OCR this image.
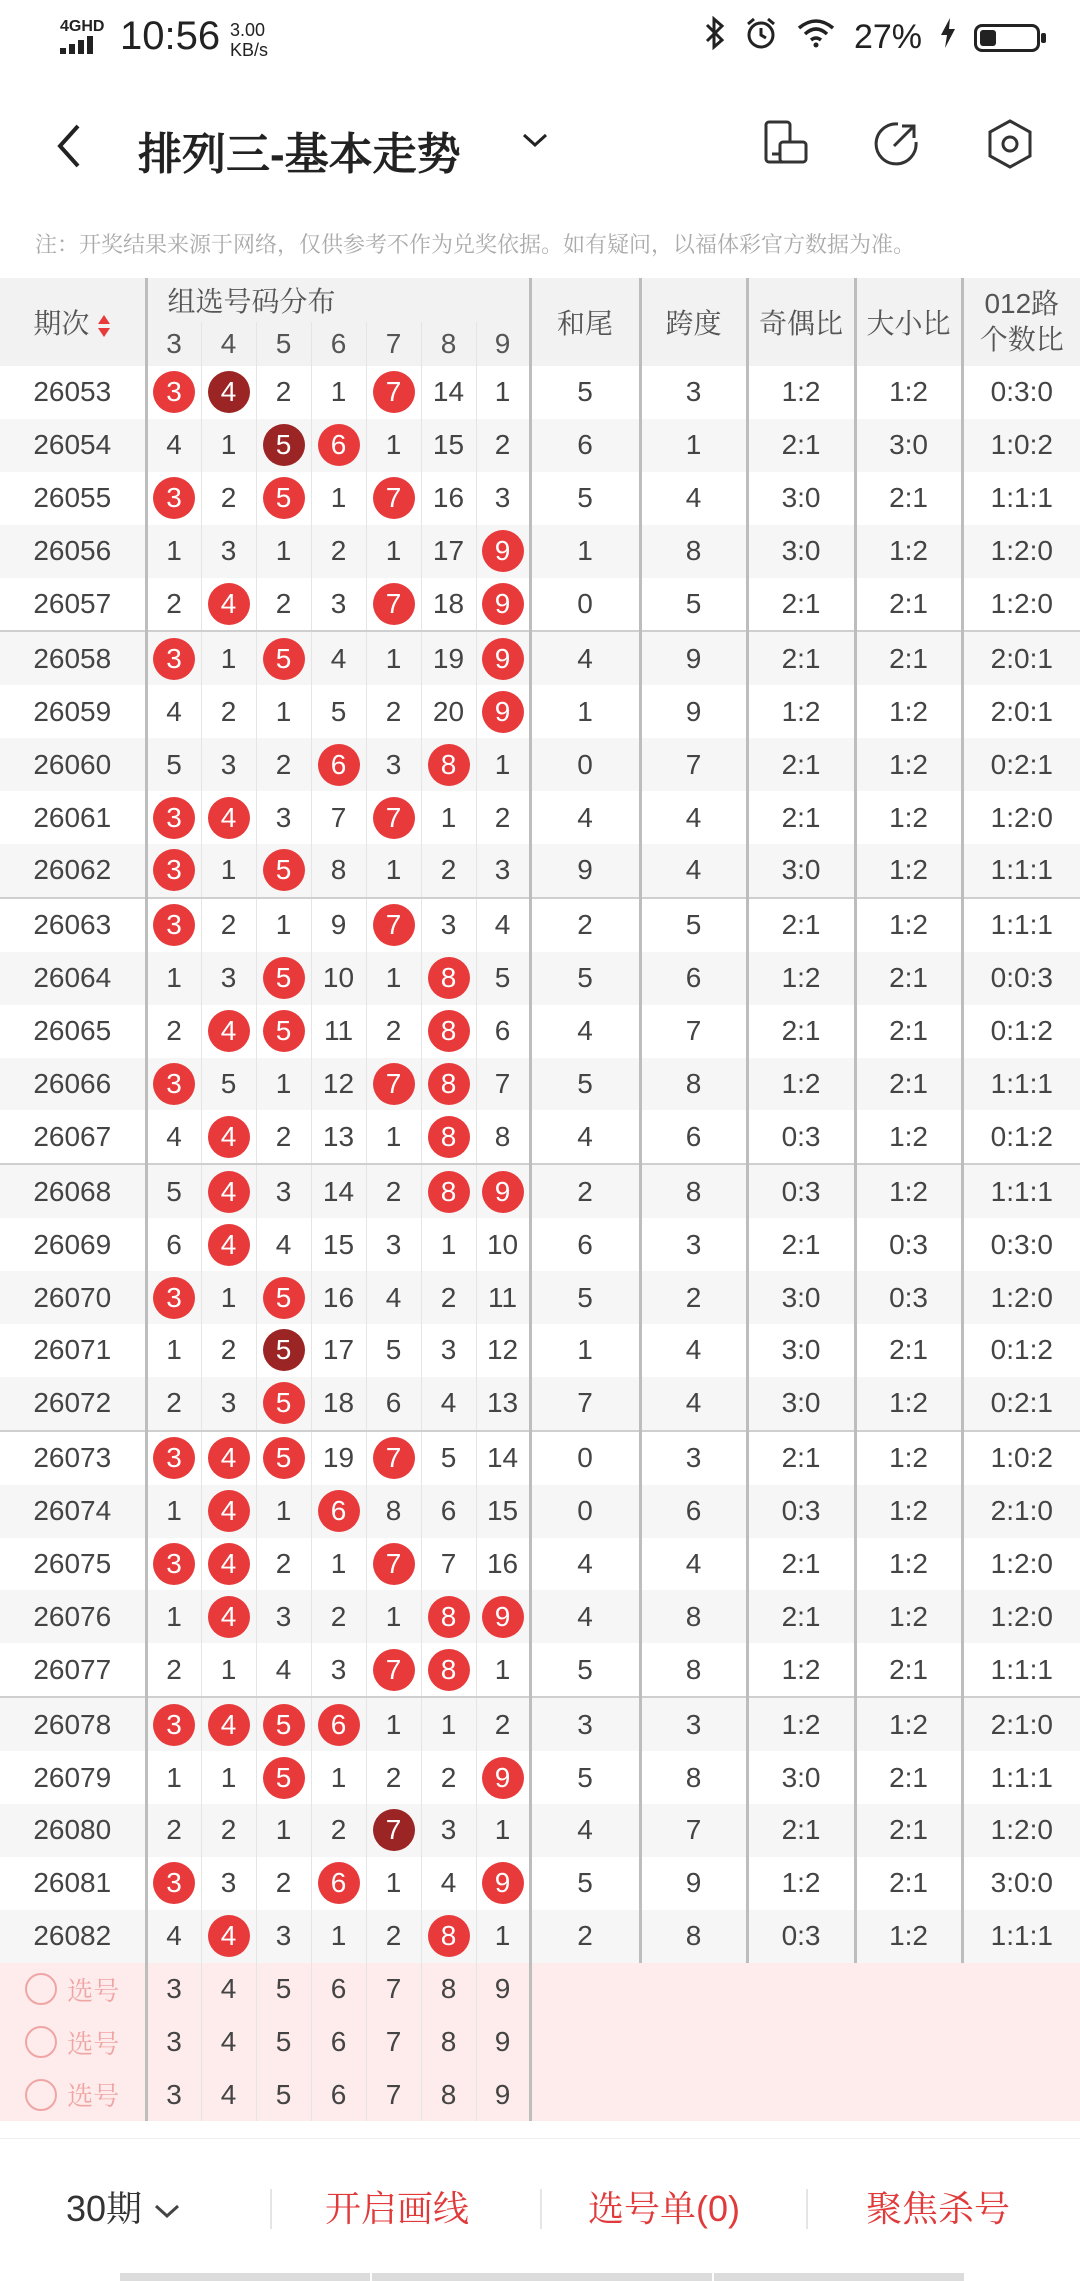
4GHD 10:56 3.00
KB/s	27%
排列三-基本走势
注：开奖结果来源于网络，仅供参考不作为兑奖依据。如有疑问，以福体彩官方数据为准。
期次	组选号码分布							和尾	跨度	奇偶比	大小比	012路
个数比
	3	4	5	6	7	8	9					
26053	3	4	2	1	7	14	1	5	3	1:2	1:2	0:3:0
26054	4	1	5	6	1	15	2	6	1	2:1	3:0	1:0:2
26055	3	2	5	1	7	16	3	5	4	3:0	2:1	1:1:1
26056	1	3	1	2	1	17	9	1	8	3:0	1:2	1:2:0
26057	2	4	2	3	7	18	9	0	5	2:1	2:1	1:2:0
26058	3	1	5	4	1	19	9	4	9	2:1	2:1	2:0:1
26059	4	2	1	5	2	20	9	1	9	1:2	1:2	2:0:1
26060	5	3	2	6	3	8	1	0	7	2:1	1:2	0:2:1
26061	3	4	3	7	7	1	2	4	4	2:1	1:2	1:2:0
26062	3	1	5	8	1	2	3	9	4	3:0	1:2	1:1:1
26063	3	2	1	9	7	3	4	2	5	2:1	1:2	1:1:1
26064	1	3	5	10	1	8	5	5	6	1:2	2:1	0:0:3
26065	2	4	5	11	2	8	6	4	7	2:1	2:1	0:1:2
26066	3	5	1	12	7	8	7	5	8	1:2	2:1	1:1:1
26067	4	4	2	13	1	8	8	4	6	0:3	1:2	0:1:2
26068	5	4	3	14	2	8	9	2	8	0:3	1:2	1:1:1
26069	6	4	4	15	3	1	10	6	3	2:1	0:3	0:3:0
26070	3	1	5	16	4	2	11	5	2	3:0	0:3	1:2:0
26071	1	2	5	17	5	3	12	1	4	3:0	2:1	0:1:2
26072	2	3	5	18	6	4	13	7	4	3:0	1:2	0:2:1
26073	3	4	5	19	7	5	14	0	3	2:1	1:2	1:0:2
26074	1	4	1	6	8	6	15	0	6	0:3	1:2	2:1:0
26075	3	4	2	1	7	7	16	4	4	2:1	1:2	1:2:0
26076	1	4	3	2	1	8	9	4	8	2:1	1:2	1:2:0
26077	2	1	4	3	7	8	1	5	8	1:2	2:1	1:1:1
26078	3	4	5	6	1	1	2	3	3	1:2	1:2	2:1:0
26079	1	1	5	1	2	2	9	5	8	3:0	2:1	1:1:1
26080	2	2	1	2	7	3	1	4	7	2:1	2:1	1:2:0
26081	3	3	2	6	1	4	9	5	9	1:2	2:1	3:0:0
26082	4	4	3	1	2	8	1	2	8	0:3	1:2	1:1:1
选号	3	4	5	6	7	8	9					
选号	3	4	5	6	7	8	9					
选号	3	4	5	6	7	8	9					
30期	开启画线	选号单(0)	聚焦杀号
